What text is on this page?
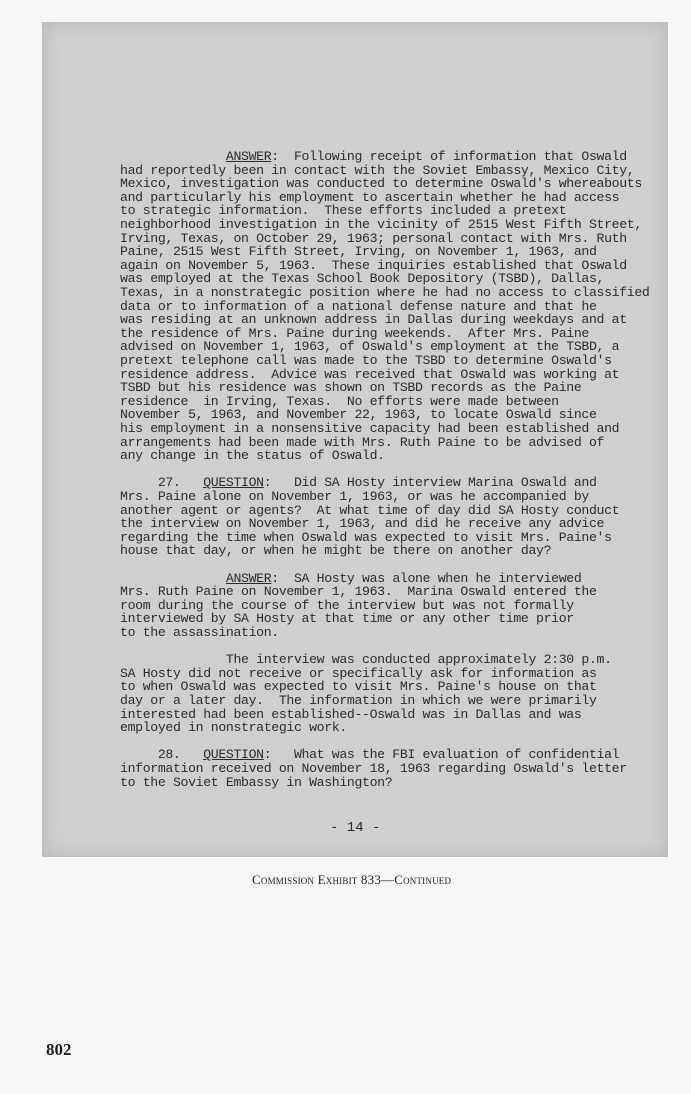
ANSWER:  Following receipt of information that Oswald
had reportedly been in contact with the Soviet Embassy, Mexico City,
Mexico, investigation was conducted to determine Oswald's whereabouts
and particularly his employment to ascertain whether he had access
to strategic information.  These efforts included a pretext
neighborhood investigation in the vicinity of 2515 West Fifth Street,
Irving, Texas, on October 29, 1963; personal contact with Mrs. Ruth
Paine, 2515 West Fifth Street, Irving, on November 1, 1963, and
again on November 5, 1963.  These inquiries established that Oswald
was employed at the Texas School Book Depository (TSBD), Dallas,
Texas, in a nonstrategic position where he had no access to classified
data or to information of a national defense nature and that he
was residing at an unknown address in Dallas during weekdays and at
the residence of Mrs. Paine during weekends.  After Mrs. Paine
advised on November 1, 1963, of Oswald's employment at the TSBD, a
pretext telephone call was made to the TSBD to determine Oswald's
residence address.  Advice was received that Oswald was working at
TSBD but his residence was shown on TSBD records as the Paine
residence  in Irving, Texas.  No efforts were made between
November 5, 1963, and November 22, 1963, to locate Oswald since
his employment in a nonsensitive capacity had been established and
arrangements had been made with Mrs. Ruth Paine to be advised of
any change in the status of Oswald.
27.   QUESTION:   Did SA Hosty interview Marina Oswald and
Mrs. Paine alone on November 1, 1963, or was he accompanied by
another agent or agents?  At what time of day did SA Hosty conduct
the interview on November 1, 1963, and did he receive any advice
regarding the time when Oswald was expected to visit Mrs. Paine's
house that day, or when he might be there on another day?
ANSWER:  SA Hosty was alone when he interviewed
Mrs. Ruth Paine on November 1, 1963.  Marina Oswald entered the
room during the course of the interview but was not formally
interviewed by SA Hosty at that time or any other time prior
to the assassination.
The interview was conducted approximately 2:30 p.m.
SA Hosty did not receive or specifically ask for information as
to when Oswald was expected to visit Mrs. Paine's house on that
day or a later day.  The information in which we were primarily
interested had been established--Oswald was in Dallas and was
employed in nonstrategic work.
28.   QUESTION:   What was the FBI evaluation of confidential
information received on November 18, 1963 regarding Oswald's letter
to the Soviet Embassy in Washington?
- 14 -
Commission Exhibit 833—Continued
802
